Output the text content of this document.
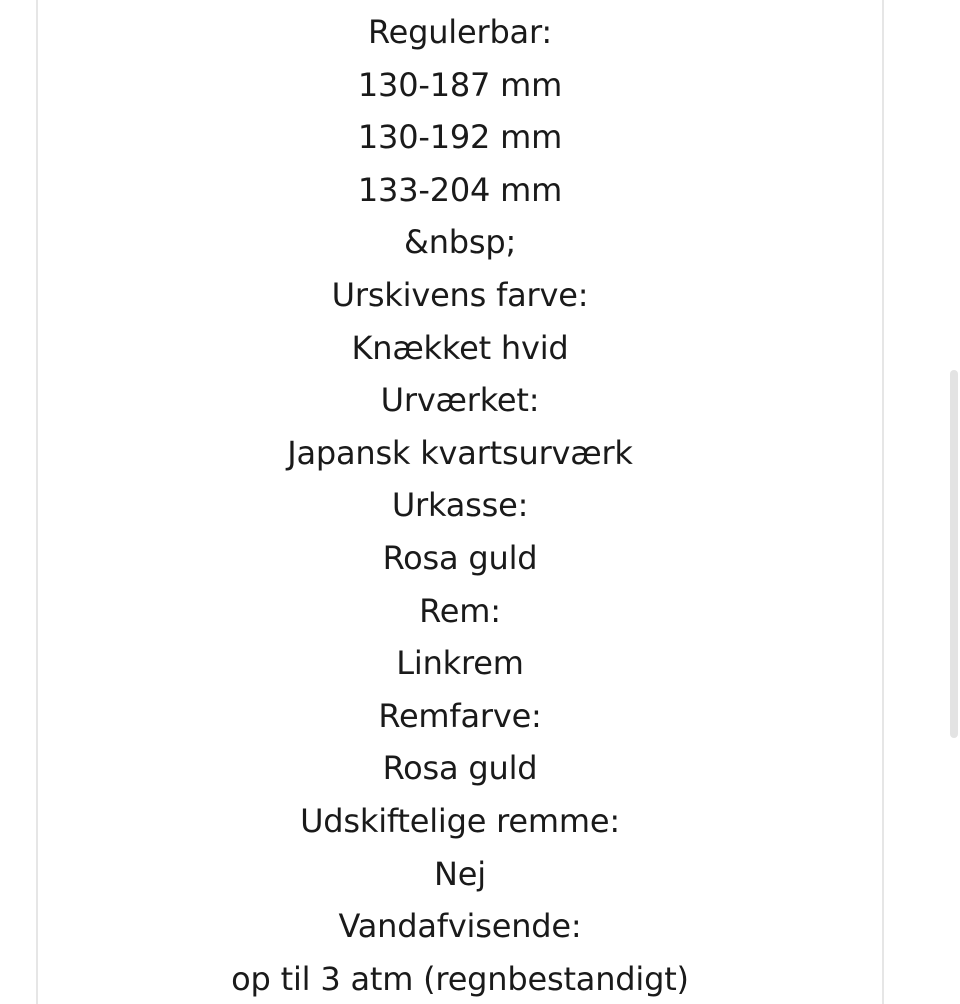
Regulerbar:
130-187 mm
130-192 mm
133-204 mm
&nbsp;
Urskivens farve:
Knækket hvid
Urværket:
Japansk kvartsurværk
Urkasse:
Rosa guld
Rem:
Linkrem
Remfarve:
Rosa guld
Udskiftelige remme:
Nej
Vandafvisende:
op til 3 atm (regnbestandigt)
